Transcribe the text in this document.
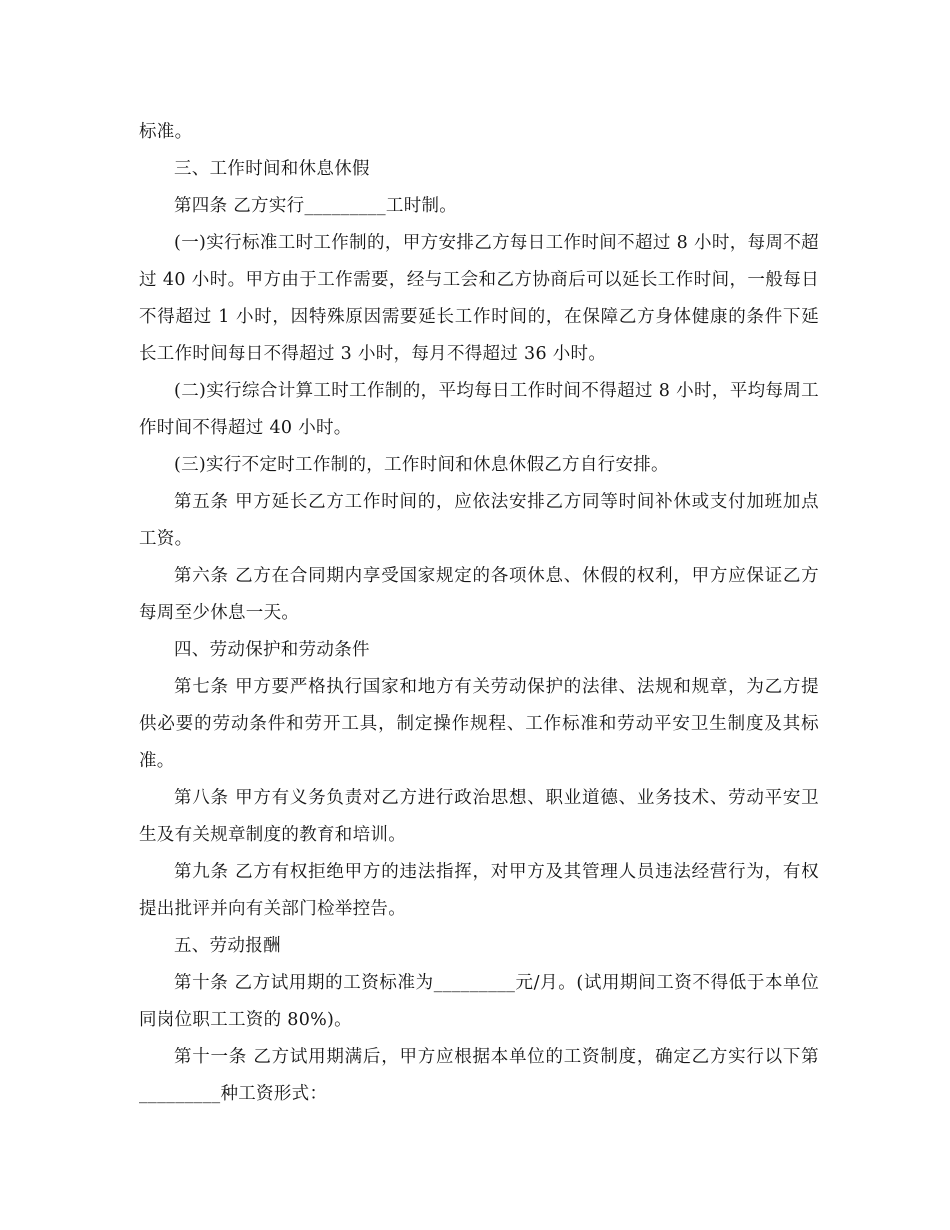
标准。

三、工作时间和休息休假

第四条 乙方实行_________工时制。

(一)实行标准工时工作制的，甲方安排乙方每日工作时间不超过 8 小时，每周不超过 40 小时。甲方由于工作需要，经与工会和乙方协商后可以延长工作时间，一般每日不得超过 1 小时，因特殊原因需要延长工作时间的，在保障乙方身体健康的条件下延长工作时间每日不得超过 3 小时，每月不得超过 36 小时。

(二)实行综合计算工时工作制的，平均每日工作时间不得超过 8 小时，平均每周工作时间不得超过 40 小时。

(三)实行不定时工作制的，工作时间和休息休假乙方自行安排。

第五条 甲方延长乙方工作时间的，应依法安排乙方同等时间补休或支付加班加点工资。

第六条 乙方在合同期内享受国家规定的各项休息、休假的权利，甲方应保证乙方每周至少休息一天。

四、劳动保护和劳动条件

第七条 甲方要严格执行国家和地方有关劳动保护的法律、法规和规章，为乙方提供必要的劳动条件和劳开工具，制定操作规程、工作标准和劳动平安卫生制度及其标准。

第八条 甲方有义务负责对乙方进行政治思想、职业道德、业务技术、劳动平安卫生及有关规章制度的教育和培训。

第九条 乙方有权拒绝甲方的违法指挥，对甲方及其管理人员违法经营行为，有权提出批评并向有关部门检举控告。

五、劳动报酬

第十条 乙方试用期的工资标准为_________元/月。(试用期间工资不得低于本单位同岗位职工工资的 80%)。

第十一条 乙方试用期满后，甲方应根据本单位的工资制度，确定乙方实行以下第_________种工资形式：
